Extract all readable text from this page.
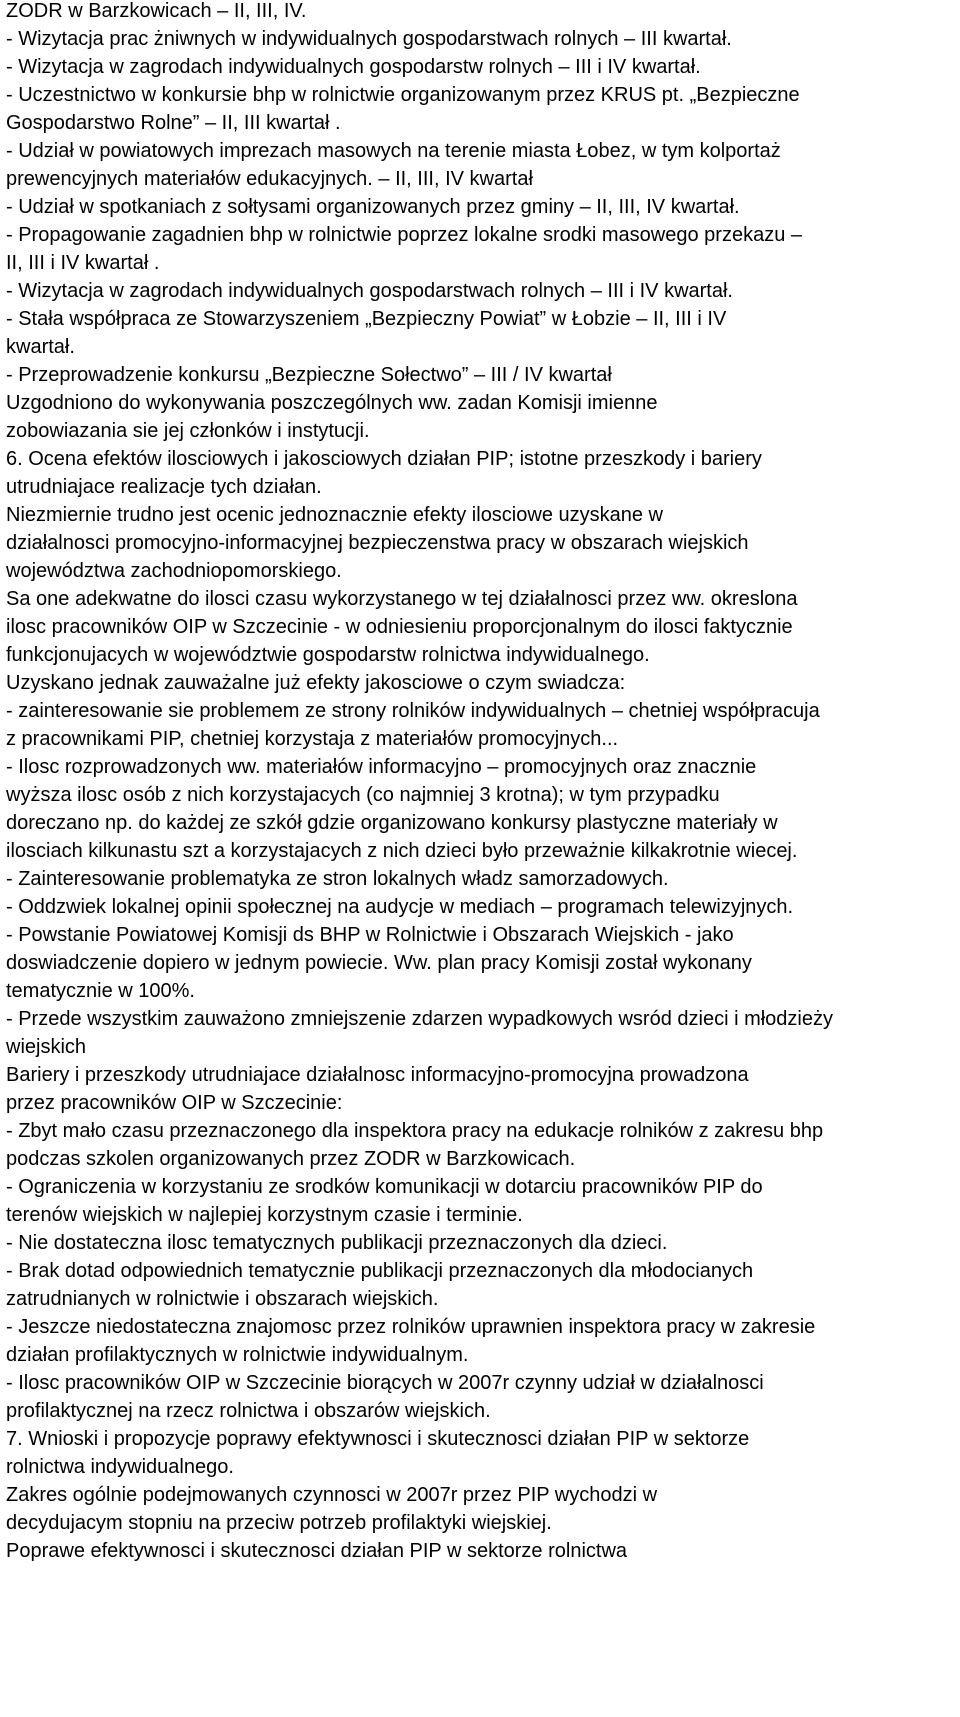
ZODR w Barzkowicach – II, III, IV.
- Wizytacja prac żniwnych w indywidualnych gospodarstwach rolnych – III kwartał.
- Wizytacja w zagrodach indywidualnych gospodarstw rolnych – III i IV kwartał.
- Uczestnictwo w konkursie bhp w rolnictwie organizowanym przez KRUS pt. „Bezpieczne
Gospodarstwo Rolne” – II, III kwartał .
- Udział w powiatowych imprezach masowych na terenie miasta Łobez, w tym kolportaż
prewencyjnych materiałów edukacyjnych. – II, III, IV kwartał
- Udział w spotkaniach z sołtysami organizowanych przez gminy – II, III, IV kwartał.
- Propagowanie zagadnien bhp w rolnictwie poprzez lokalne srodki masowego przekazu –
II, III i IV kwartał .
- Wizytacja w zagrodach indywidualnych gospodarstwach rolnych – III i IV kwartał.
- Stała współpraca ze Stowarzyszeniem „Bezpieczny Powiat” w Łobzie – II, III i IV
kwartał.
- Przeprowadzenie konkursu „Bezpieczne Sołectwo” – III / IV kwartał
Uzgodniono do wykonywania poszczególnych ww. zadan Komisji imienne
zobowiazania sie jej członków i instytucji.
6. Ocena efektów ilosciowych i jakosciowych działan PIP; istotne przeszkody i bariery
utrudniajace realizacje tych działan.
Niezmiernie trudno jest ocenic jednoznacznie efekty ilosciowe uzyskane w
działalnosci promocyjno-informacyjnej bezpieczenstwa pracy w obszarach wiejskich
województwa zachodniopomorskiego.
Sa one adekwatne do ilosci czasu wykorzystanego w tej działalnosci przez ww. okreslona
ilosc pracowników OIP w Szczecinie - w odniesieniu proporcjonalnym do ilosci faktycznie
funkcjonujacych w województwie gospodarstw rolnictwa indywidualnego.
Uzyskano jednak zauważalne już efekty jakosciowe o czym swiadcza:
- zainteresowanie sie problemem ze strony rolników indywidualnych – chetniej współpracuja
z pracownikami PIP, chetniej korzystaja z materiałów promocyjnych...
- Ilosc rozprowadzonych ww. materiałów informacyjno – promocyjnych oraz znacznie
wyższa ilosc osób z nich korzystajacych (co najmniej 3 krotna); w tym przypadku
doreczano np. do każdej ze szkół gdzie organizowano konkursy plastyczne materiały w
ilosciach kilkunastu szt a korzystajacych z nich dzieci było przeważnie kilkakrotnie wiecej.
- Zainteresowanie problematyka ze stron lokalnych władz samorzadowych.
- Oddzwiek lokalnej opinii społecznej na audycje w mediach – programach telewizyjnych.
- Powstanie Powiatowej Komisji ds BHP w Rolnictwie i Obszarach Wiejskich - jako
doswiadczenie dopiero w jednym powiecie. Ww. plan pracy Komisji został wykonany
tematycznie w 100%.
- Przede wszystkim zauważono zmniejszenie zdarzen wypadkowych wsród dzieci i młodzieży
wiejskich
Bariery i przeszkody utrudniajace działalnosc informacyjno-promocyjna prowadzona
przez pracowników OIP w Szczecinie:
- Zbyt mało czasu przeznaczonego dla inspektora pracy na edukacje rolników z zakresu bhp
podczas szkolen organizowanych przez ZODR w Barzkowicach.
- Ograniczenia w korzystaniu ze srodków komunikacji w dotarciu pracowników PIP do
terenów wiejskich w najlepiej korzystnym czasie i terminie.
- Nie dostateczna ilosc tematycznych publikacji przeznaczonych dla dzieci.
- Brak dotad odpowiednich tematycznie publikacji przeznaczonych dla młodocianych
zatrudnianych w rolnictwie i obszarach wiejskich.
- Jeszcze niedostateczna znajomosc przez rolników uprawnien inspektora pracy w zakresie
działan profilaktycznych w rolnictwie indywidualnym.
- Ilosc pracowników OIP w Szczecinie biorących w 2007r czynny udział w działalnosci
profilaktycznej na rzecz rolnictwa i obszarów wiejskich.
7. Wnioski i propozycje poprawy efektywnosci i skutecznosci działan PIP w sektorze
rolnictwa indywidualnego.
Zakres ogólnie podejmowanych czynnosci w 2007r przez PIP wychodzi w
decydujacym stopniu na przeciw potrzeb profilaktyki wiejskiej.
Poprawe efektywnosci i skutecznosci działan PIP w sektorze rolnictwa
